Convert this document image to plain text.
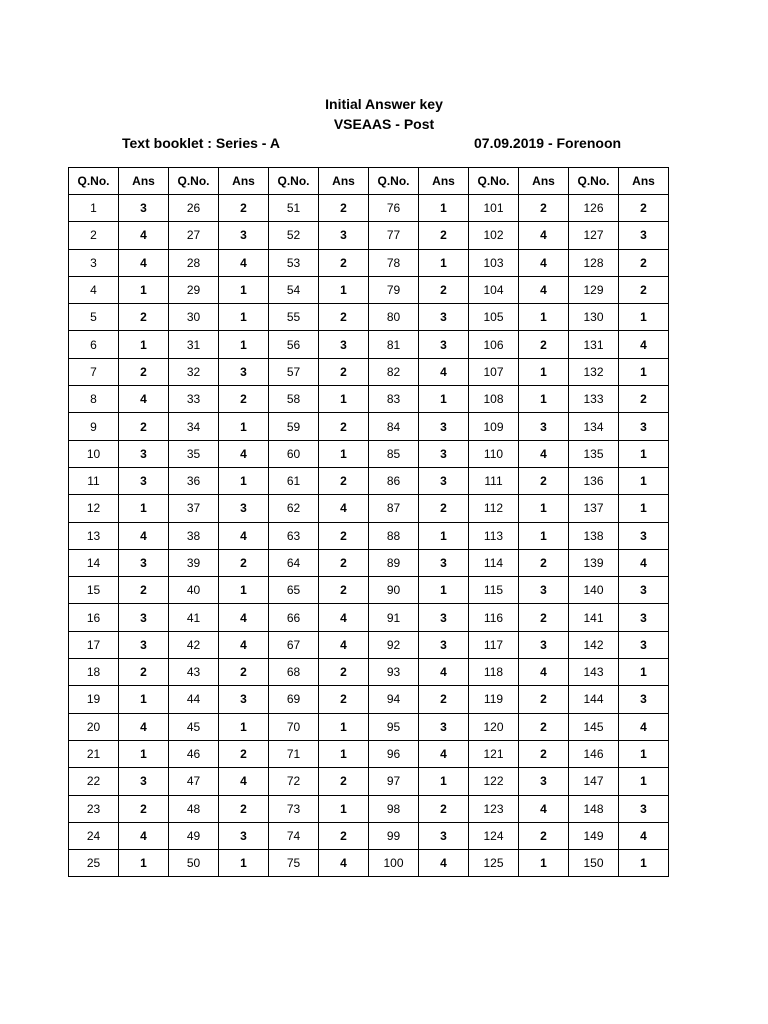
Initial Answer key
VSEAAS - Post
Text booklet : Series - A	07.09.2019 - Forenoon
Q.No.	Ans	Q.No.	Ans	Q.No.	Ans	Q.No.	Ans	Q.No.	Ans	Q.No.	Ans
1	3	26	2	51	2	76	1	101	2	126	2
2	4	27	3	52	3	77	2	102	4	127	3
3	4	28	4	53	2	78	1	103	4	128	2
4	1	29	1	54	1	79	2	104	4	129	2
5	2	30	1	55	2	80	3	105	1	130	1
6	1	31	1	56	3	81	3	106	2	131	4
7	2	32	3	57	2	82	4	107	1	132	1
8	4	33	2	58	1	83	1	108	1	133	2
9	2	34	1	59	2	84	3	109	3	134	3
10	3	35	4	60	1	85	3	110	4	135	1
11	3	36	1	61	2	86	3	111	2	136	1
12	1	37	3	62	4	87	2	112	1	137	1
13	4	38	4	63	2	88	1	113	1	138	3
14	3	39	2	64	2	89	3	114	2	139	4
15	2	40	1	65	2	90	1	115	3	140	3
16	3	41	4	66	4	91	3	116	2	141	3
17	3	42	4	67	4	92	3	117	3	142	3
18	2	43	2	68	2	93	4	118	4	143	1
19	1	44	3	69	2	94	2	119	2	144	3
20	4	45	1	70	1	95	3	120	2	145	4
21	1	46	2	71	1	96	4	121	2	146	1
22	3	47	4	72	2	97	1	122	3	147	1
23	2	48	2	73	1	98	2	123	4	148	3
24	4	49	3	74	2	99	3	124	2	149	4
25	1	50	1	75	4	100	4	125	1	150	1
